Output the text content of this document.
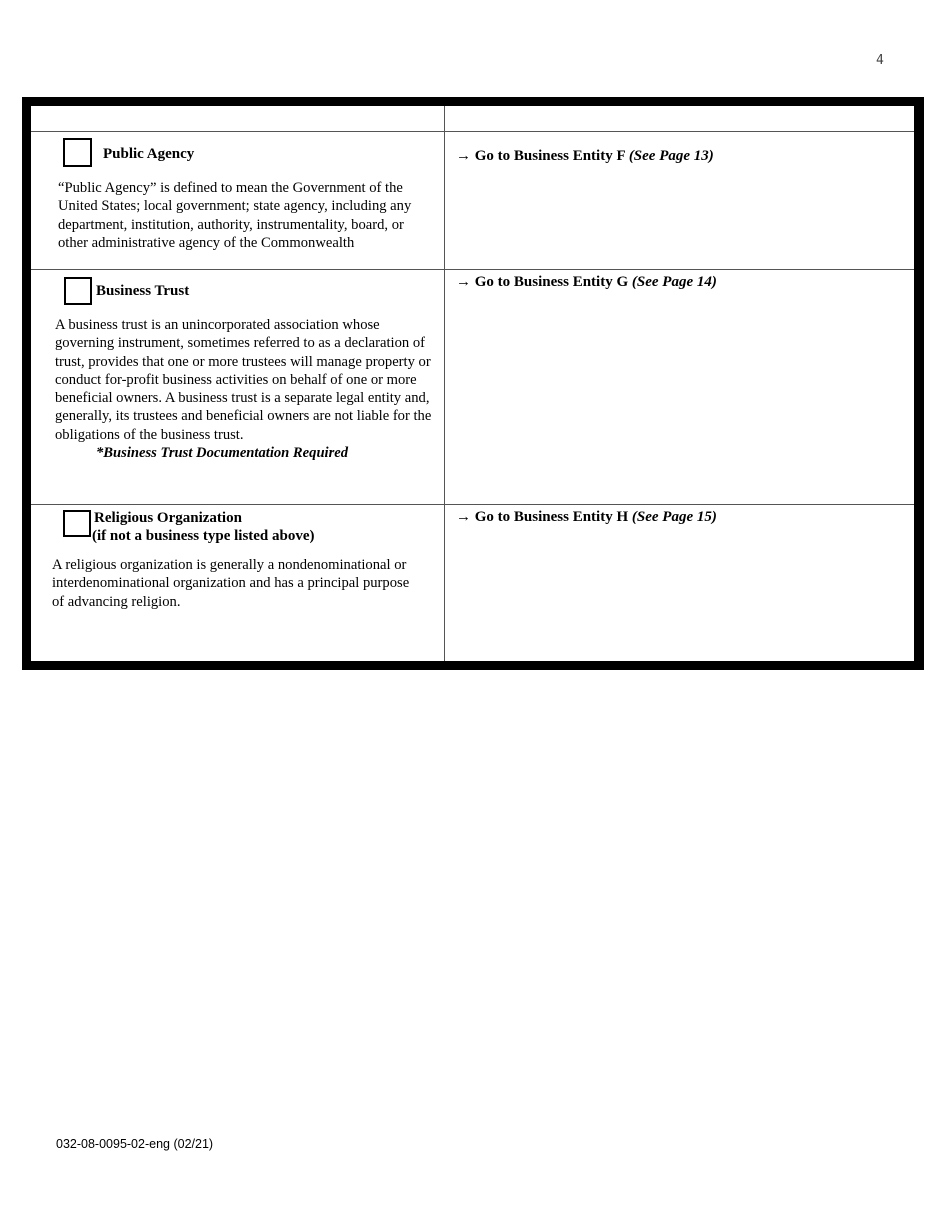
4
Public Agency
“Public Agency” is defined to mean the Government of the United States; local government; state agency, including any department, institution, authority, instrumentality, board, or other administrative agency of the Commonwealth
→ Go to Business Entity F (See Page 13)
Business Trust
A business trust is an unincorporated association whose governing instrument, sometimes referred to as a declaration of trust, provides that one or more trustees will manage property or conduct for-profit business activities on behalf of one or more beneficial owners. A business trust is a separate legal entity and, generally, its trustees and beneficial owners are not liable for the obligations of the business trust.
*Business Trust Documentation Required
→ Go to Business Entity G (See Page 14)
Religious Organization
(if not a business type listed above)
A religious organization is generally a nondenominational or interdenominational organization and has a principal purpose of advancing religion.
→ Go to Business Entity H (See Page 15)
032-08-0095-02-eng (02/21)
